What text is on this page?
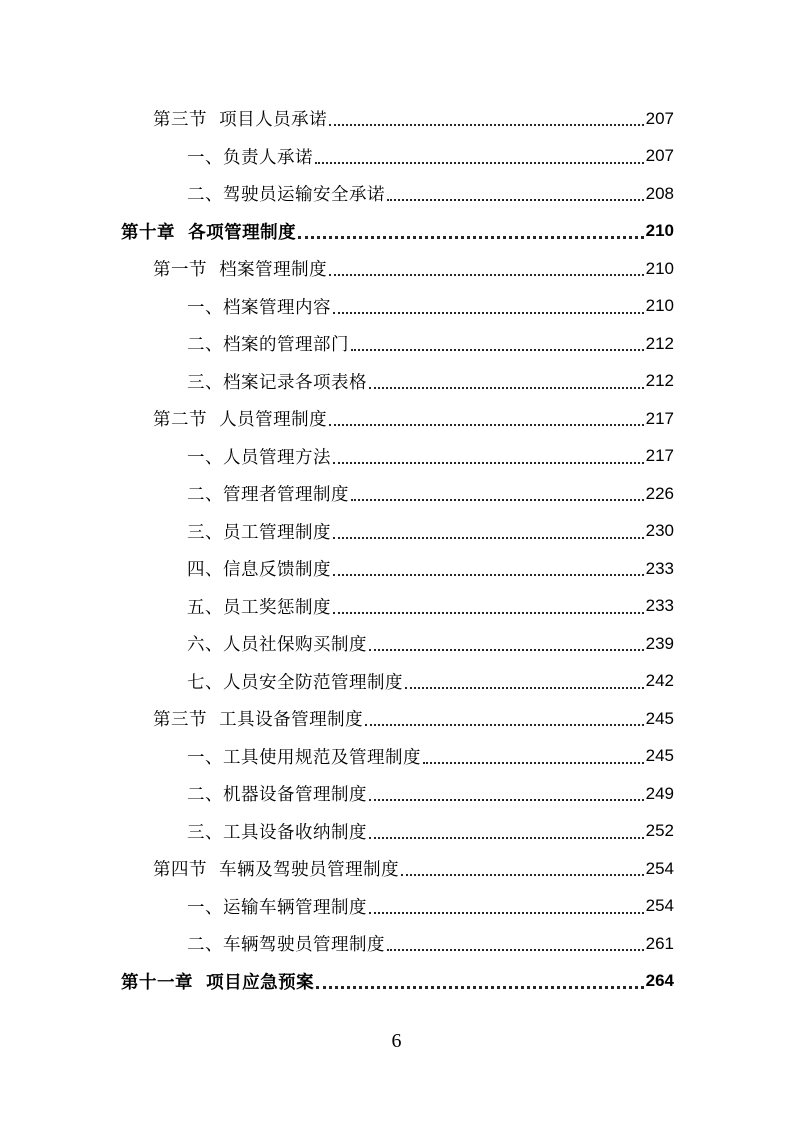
第三节  项目人员承诺	207
一、负责人承诺	207
二、驾驶员运输安全承诺	208
第十章  各项管理制度	210
第一节  档案管理制度	210
一、档案管理内容	210
二、档案的管理部门	212
三、档案记录各项表格	212
第二节  人员管理制度	217
一、人员管理方法	217
二、管理者管理制度	226
三、员工管理制度	230
四、信息反馈制度	233
五、员工奖惩制度	233
六、人员社保购买制度	239
七、人员安全防范管理制度	242
第三节  工具设备管理制度	245
一、工具使用规范及管理制度	245
二、机器设备管理制度	249
三、工具设备收纳制度	252
第四节  车辆及驾驶员管理制度	254
一、运输车辆管理制度	254
二、车辆驾驶员管理制度	261
第十一章  项目应急预案	264
6
